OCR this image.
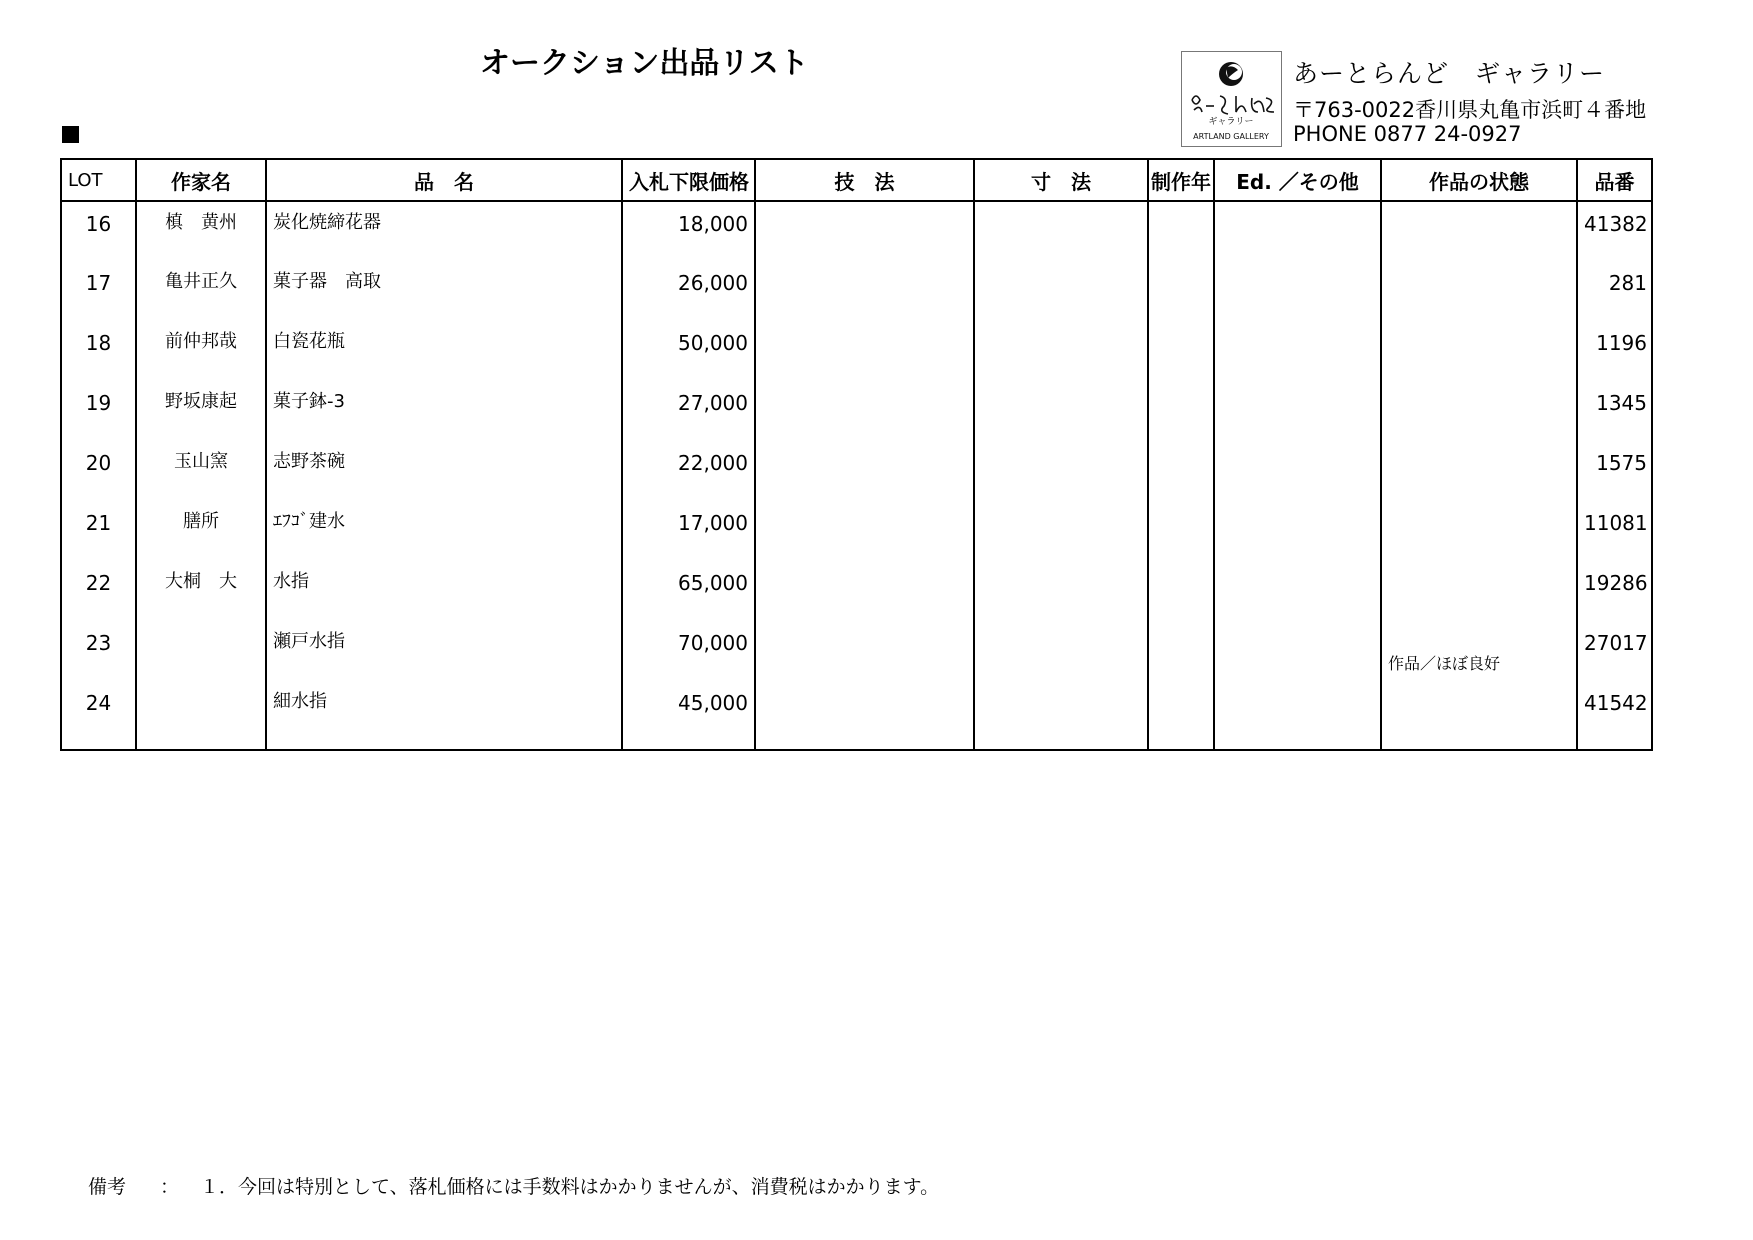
オークション出品リスト
ギャラリー
ARTLAND GALLERY
あーとらんど　ギャラリー
〒763-0022香川県丸亀市浜町４番地
PHONE 0877 24-0927
LOT	作家名	品　名	入札下限価格	技　法	寸　法	制作年	Ed. ／その他	作品の状態	品番
16	槙　黄州	炭化焼締花器	18,000						41382
17	亀井正久	菓子器　高取	26,000						281
18	前仲邦哉	白瓷花瓶	50,000						1196
19	野坂康起	菓子鉢-3	27,000						1345
20	玉山窯	志野茶碗	22,000						1575
21	膳所	ｴﾌｺﾞ建水	17,000						11081
22	大桐　大	水指	65,000						19286
23		瀬戸水指	70,000					作品／ほぼ良好	27017
24		細水指	45,000						41542

備考 ： １．今回は特別として、落札価格には手数料はかかりませんが、消費税はかかります。
